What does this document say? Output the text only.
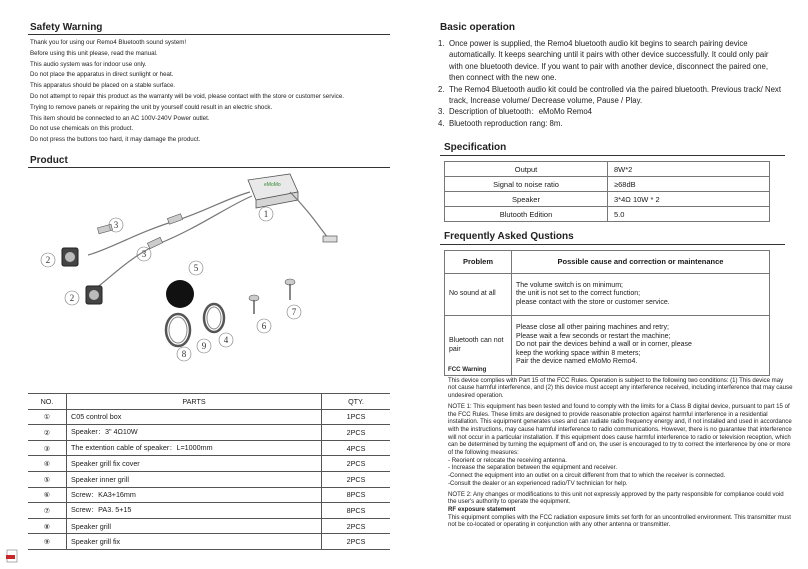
Safety Warning
Thank you for using our Remo4 Bluetooth sound system!
Before using this unit please, read the manual.
This audio system was for indoor use only.
Do not place the apparatus in direct sunlight or heat.
This apparatus should be placed on a stable surface.
Do not attempt to repair this product as the warranty will be void, please contact with the store or customer service.
Trying to remove panels or repairing the unit by yourself could result in an electric shock.
This item should be connected to an AC 100V-240V Power outlet.
Do not use chemicals on this product.
Do not press the buttons too hard, it may damage the product.
Product
eMoMo
1
2
2
3
3
4
5
6
7
8
9
NO.	PARTS	QTY.
①	C05 control box	1PCS
②	Speaker：3" 4Ω10W	2PCS
③	The extention cable of speaker：L=1000mm	4PCS
④	Speaker grill fix cover	2PCS
⑤	Speaker inner grill	2PCS
⑥	Screw：KA3+16mm	8PCS
⑦	Screw：PA3. 5+15	8PCS
⑧	Speaker grill	2PCS
⑨	Speaker grill fix	2PCS
Basic operation
1. Once power is supplied, the Remo4 bluetooth audio kit begins to search pairing device automatically. It keeps searching until it pairs with other device successfully. It could only pair with one bluetooth device. If you want to pair with another device, disconnect the paired one, then connect with the new one.
2. The Remo4 Bluetooth audio kit could be controlled via the paired bluetooth. Previous track/ Next track, Increase volume/ Decrease volume, Pause / Play.
3. Description of bluetooth：eMoMo Remo4
4. Bluetooth reproduction rang: 8m.
Specification
Output	8W*2
Signal to noise ratio	≥68dB
Speaker	3*4Ω 10W * 2
Blutooth Edition	5.0
Frequently Asked Qustions
Problem	Possible cause and correction or maintenance
No sound at all	The volume switch is on minimum;
the unit is not set to the correct function;
please contact with the store or customer service.

Bluetooth can not pair	Please close all other pairing machines and retry;
Please wait a few seconds or restart the machine;
Do not pair the devices behind a wall or in corner, please
keep the working space within 8 meters;
Pair the device named eMoMo Remo4.

FCC Warning

This device complies with Part 15 of the FCC Rules. Operation is subject to the following two conditions: (1) This device may not cause harmful interference, and (2) this device must accept any interference received, including interference that may cause undesired operation.

NOTE 1: This equipment has been tested and found to comply with the limits for a Class B digital device, pursuant to part 15 of the FCC Rules. These limits are designed to provide reasonable protection against harmful interference in a residential installation. This equipment generates uses and can radiate radio frequency energy and, if not installed and used in accordance with the instructions, may cause harmful interference to radio communications. However, there is no guarantee that interference will not occur in a particular installation. If this equipment does cause harmful interference to radio or television reception, which can be determined by turning the equipment off and on, the user is encouraged to try to correct the interference by one or more of the following measures:

- Reorient or relocate the receiving antenna.
- Increase the separation between the equipment and receiver.
-Connect the equipment into an outlet on a circuit different from that to which the receiver is connected.
-Consult the dealer or an experienced radio/TV technician for help.

NOTE 2: Any changes or modifications to this unit not expressly approved by the party responsible for compliance could void the user's authority to operate the equipment.

RF exposure statement

This equipment complies with the FCC radiation exposure limits set forth for an uncontrolled environment. This transmitter must not be co-located or operating in conjunction with any other antenna or transmitter.
